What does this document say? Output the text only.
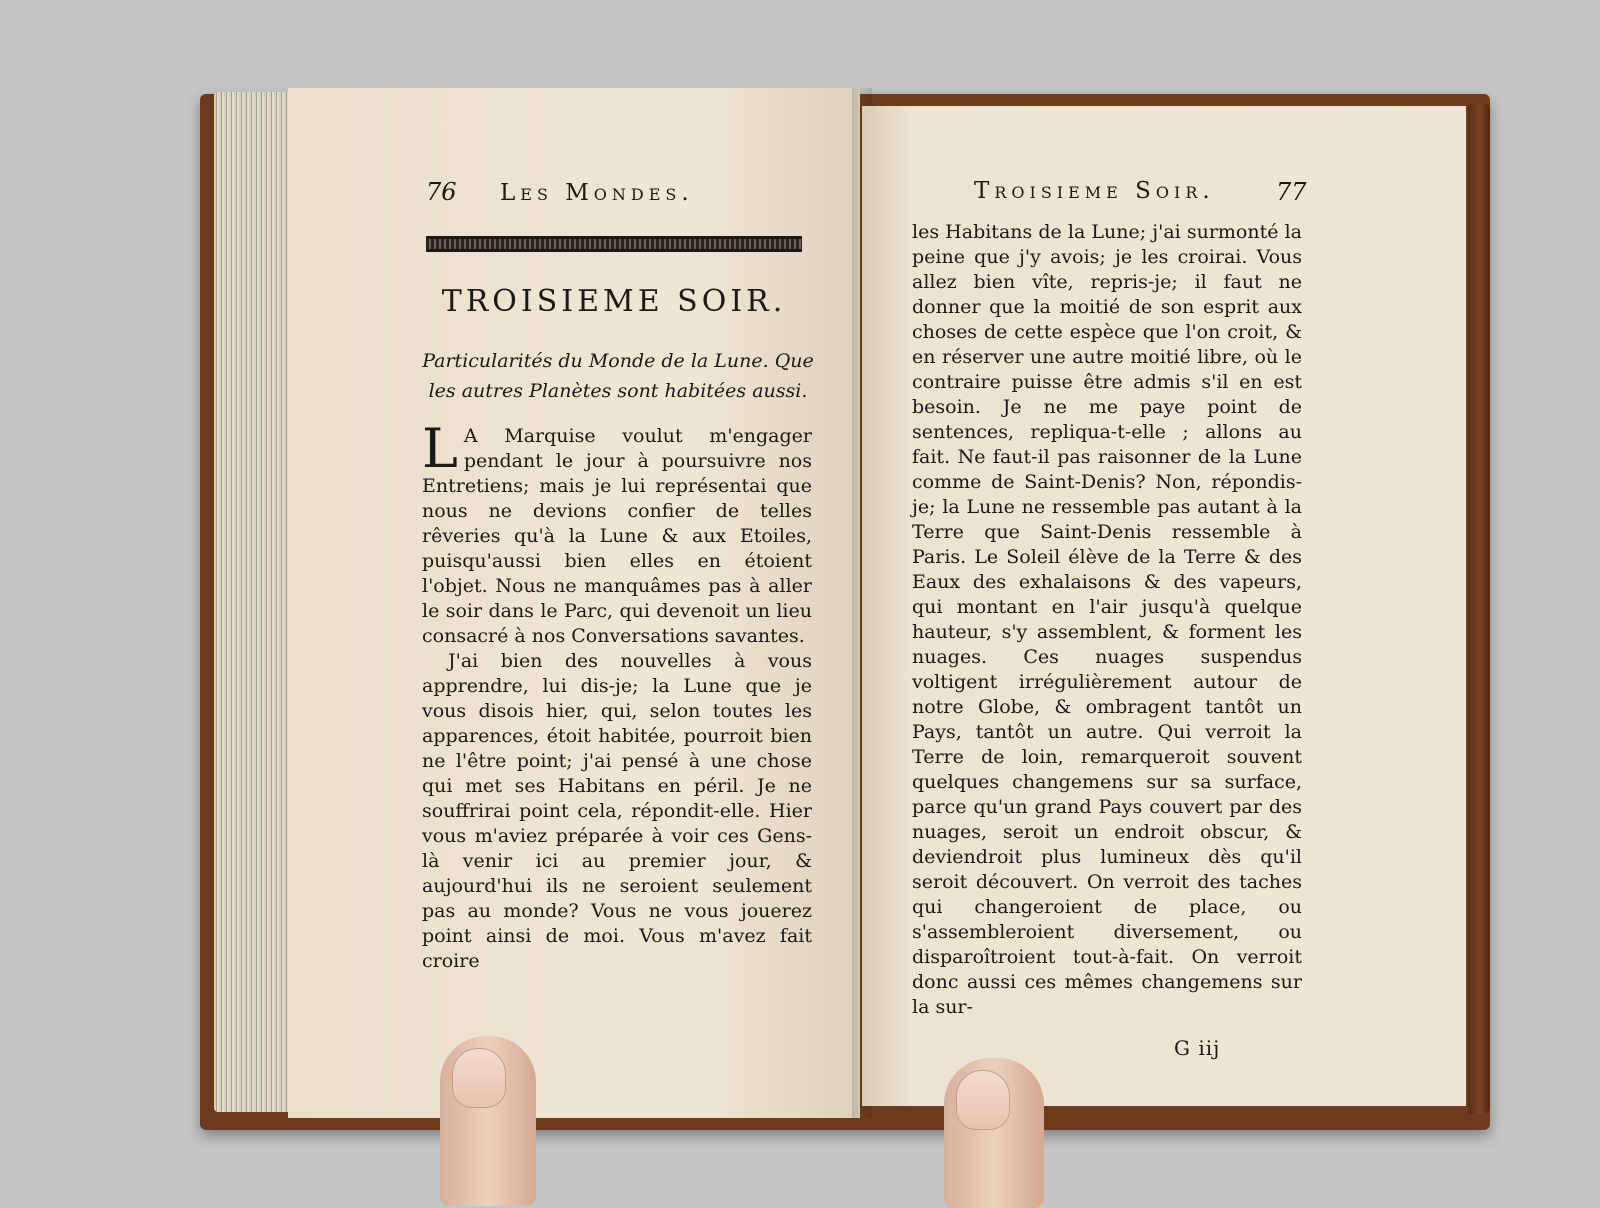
76 Les Mondes.
TROISIEME SOIR.
Particularités du Monde de la Lune. Que
les autres Planètes sont habitées aussi.

L A Marquise voulut m'engager pendant le jour à poursuivre nos Entretiens; mais je lui représentai que nous ne devions confier de telles rêveries qu'à la Lune & aux Etoiles, puisqu'aussi bien elles en étoient l'objet. Nous ne manquâmes pas à aller le soir dans le Parc, qui devenoit un lieu consacré à nos Conversations savantes.

J'ai bien des nouvelles à vous apprendre, lui dis-je; la Lune que je vous disois hier, qui, selon toutes les apparences, étoit habitée, pourroit bien ne l'être point; j'ai pensé à une chose qui met ses Habitans en péril. Je ne souffrirai point cela, répondit-elle. Hier vous m'aviez préparée à voir ces Gens-là venir ici au premier jour, & aujourd'hui ils ne seroient seulement pas au monde? Vous ne vous jouerez point ainsi de moi. Vous m'avez fait croire

Troisieme Soir.	77

les Habitans de la Lune; j'ai surmonté la peine que j'y avois; je les croirai. Vous allez bien vîte, repris-je; il faut ne donner que la moitié de son esprit aux choses de cette espèce que l'on croit, & en réserver une autre moitié libre, où le contraire puisse être admis s'il en est besoin. Je ne me paye point de sentences, repliqua-t-elle ; allons au fait. Ne faut-il pas raisonner de la Lune comme de Saint-Denis? Non, répondis-je; la Lune ne ressemble pas autant à la Terre que Saint-Denis ressemble à Paris. Le Soleil élève de la Terre & des Eaux des exhalaisons & des vapeurs, qui montant en l'air jusqu'à quelque hauteur, s'y assemblent, & forment les nuages. Ces nuages suspendus voltigent irrégulièrement autour de notre Globe, & ombragent tantôt un Pays, tantôt un autre. Qui verroit la Terre de loin, remarqueroit souvent quelques changemens sur sa surface, parce qu'un grand Pays couvert par des nuages, seroit un endroit obscur, & deviendroit plus lumineux dès qu'il seroit découvert. On verroit des taches qui changeroient de place, ou s'assembleroient diversement, ou disparoîtroient tout-à-fait. On verroit donc aussi ces mêmes changemens sur la sur-

G iij
